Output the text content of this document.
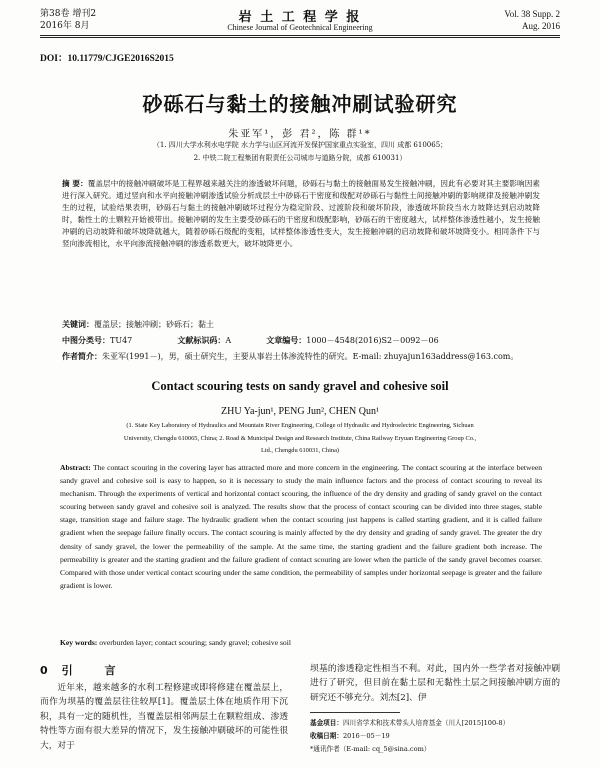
第38卷 增刊2
2016年 8月
岩 土 工 程 学 报
Chinese Journal of Geotechnical Engineering
Vol. 38 Supp. 2
Aug. 2016
DOI：10.11779/CJGE2016S2015
砂砾石与黏土的接触冲刷试验研究
朱亚军¹，彭 君²，陈 群¹*
（1. 四川大学水利水电学院 水力学与山区河流开发保护国家重点实验室，四川 成都 610065；
2. 中铁二院工程集团有限责任公司城市与道路分院，成都 610031）
摘 要：覆盖层中的接触冲刷破坏是工程界越来越关注的渗透破坏问题，砂砾石与黏土的接触面易发生接触冲刷，因此有必要对其主要影响因素进行深入研究。通过竖向和水平向接触冲刷渗透试验分析成层土中砂砾石干密度和级配对砂砾石与黏性土间接触冲刷的影响规律及接触冲刷发生的过程，试验结果表明，砂砾石与黏土的接触冲刷破坏过程分为稳定阶段、过渡阶段和破坏阶段，渗透破坏阶段当水力坡降达到启动坡降时，黏性土的土颗粒开始被带出。接触冲刷的发生主要受砂砾石的干密度和级配影响，砂砾石的干密度越大，试样整体渗透性越小，发生接触冲刷的启动坡降和破坏坡降就越大，随着砂砾石级配的变粗，试样整体渗透性变大，发生接触冲刷的启动坡降和破坏坡降变小。相同条件下与竖向渗流相比，水平向渗流接触冲刷的渗透系数更大，破坏坡降更小。
关键词：覆盖层；接触冲刷；砂砾石；黏土
中图分类号：TU47	文献标识码：A	文章编号：1000－4548(2016)S2－0092－06
作者简介：朱亚军(1991－)，男，硕士研究生，主要从事岩土体渗流特性的研究。E-mail: zhuyajun163address@163.com。
Contact scouring tests on sandy gravel and cohesive soil
ZHU Ya-jun¹, PENG Jun², CHEN Qun¹
(1. State Key Laboratory of Hydraulics and Mountain River Engineering, College of Hydraulic and Hydroelectric Engineering, Sichuan
University, Chengdu 610065, China; 2. Road & Municipal Design and Research Institute, China Railway Eryuan Engineering Group Co.,
Ltd., Chengdu 610031, China)
Abstract: The contact scouring in the covering layer has attracted more and more concern in the engineering. The contact scouring at the interface between sandy gravel and cohesive soil is easy to happen, so it is necessary to study the main influence factors and the process of contact scouring to reveal its mechanism. Through the experiments of vertical and horizontal contact scouring, the influence of the dry density and grading of sandy gravel on the contact scouring between sandy gravel and cohesive soil is analyzed. The results show that the process of contact scouring can be divided into three stages, stable stage, transition stage and failure stage. The hydraulic gradient when the contact scouring just happens is called starting gradient, and it is called failure gradient when the seepage failure finally occurs. The contact scouring is mainly affected by the dry density and grading of sandy gravel. The greater the dry density of sandy gravel, the lower the permeability of the sample. At the same time, the starting gradient and the failure gradient both increase. The permeability is greater and the starting gradient and the failure gradient of contact scouring are lower when the particle of the sandy gravel becomes coarser. Compared with those under vertical contact scouring under the same condition, the permeability of samples under horizontal seepage is greater and the failure gradient is lower.
Key words: overburden layer; contact scouring; sandy gravel; cohesive soil
0引 言
近年来，越来越多的水利工程修建或即将修建在覆盖层上，而作为坝基的覆盖层往往较厚[1]。覆盖层土体在地质作用下沉积，具有一定的随机性，当覆盖层相邻两层土在颗粒组成、渗透特性等方面有很大差异的情况下，发生接触冲刷破坏的可能性很大，对于
坝基的渗透稳定性相当不利。对此，国内外一些学者对接触冲刷进行了研究，但目前在黏土层和无黏性土层之间接触冲刷方面的研究还不够充分。刘杰[2]、伊
基金项目：四川省学术和技术带头人培育基金（川人[2015]100-8）
收稿日期：2016－05－19
*通讯作者（E-mail: cq_5@sina.com）
